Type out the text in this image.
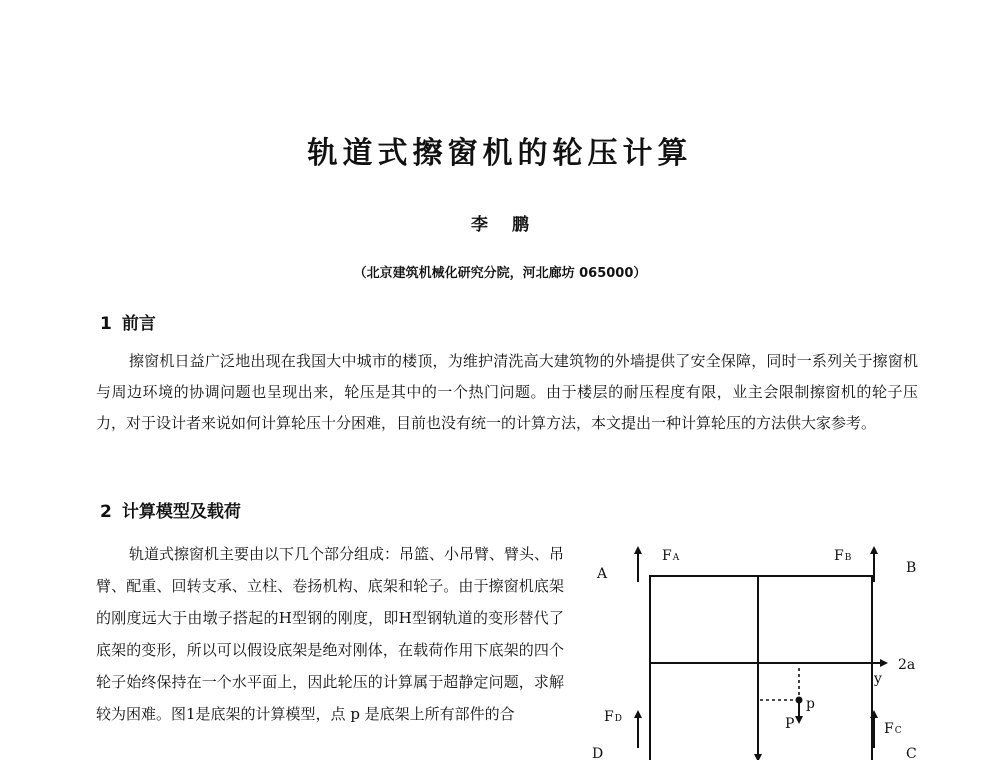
轨道式擦窗机的轮压计算
李 鹏
（北京建筑机械化研究分院，河北廊坊 065000）
1 前言
擦窗机日益广泛地出现在我国大中城市的楼顶，为维护清洗高大建筑物的外墙提供了安全保障，同时一系列关于擦窗机与周边环境的协调问题也呈现出来，轮压是其中的一个热门问题。由于楼层的耐压程度有限，业主会限制擦窗机的轮子压力，对于设计者来说如何计算轮压十分困难，目前也没有统一的计算方法，本文提出一种计算轮压的方法供大家参考。
2 计算模型及载荷
轨道式擦窗机主要由以下几个部分组成：吊篮、小吊臂、臂头、吊臂、配重、回转支承、立柱、卷扬机构、底架和轮子。由于擦窗机底架的刚度远大于由墩子搭起的H型钢的刚度，即H型钢轨道的变形替代了底架的变形，所以可以假设底架是绝对刚体，在载荷作用下底架的四个轮子始终保持在一个水平面上，因此轮压的计算属于超静定问题，求解较为困难。图1是底架的计算模型，点 p 是底架上所有部件的合
A	B
C
D
FA	FB
FD
FC
2a
y
p
P
